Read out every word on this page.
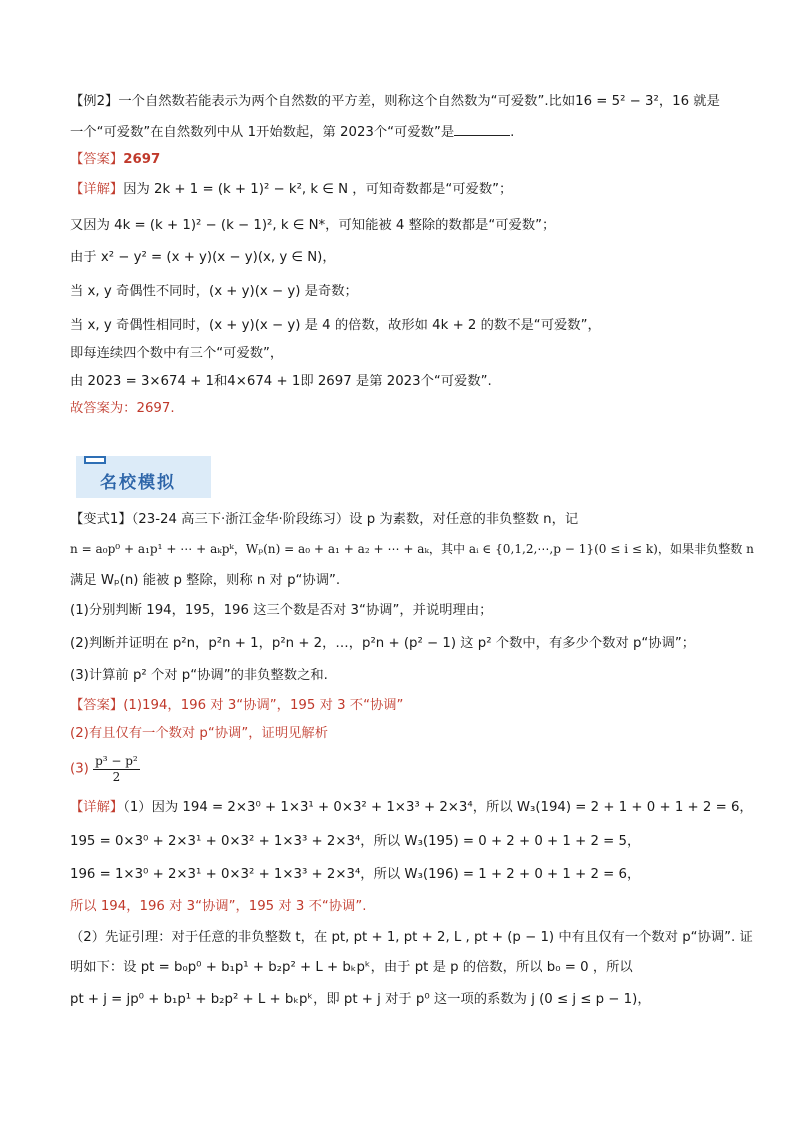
【例2】一个自然数若能表示为两个自然数的平方差，则称这个自然数为“可爱数”.比如16 = 5² − 3²，16 就是
一个“可爱数”在自然数列中从 1开始数起，第 2023个“可爱数”是	.
【答案】2697
【详解】因为 2k + 1 = (k + 1)² − k², k ∈ N ，可知奇数都是“可爱数”；
又因为 4k = (k + 1)² − (k − 1)², k ∈ N*，可知能被 4 整除的数都是“可爱数”；
由于 x² − y² = (x + y)(x − y)(x, y ∈ N)，
当 x, y 奇偶性不同时，(x + y)(x − y) 是奇数；
当 x, y 奇偶性相同时，(x + y)(x − y) 是 4 的倍数，故形如 4k + 2 的数不是“可爱数”，
即每连续四个数中有三个“可爱数”，
由 2023 = 3×674 + 1和4×674 + 1即 2697 是第 2023个“可爱数”.
故答案为：2697.
名校模拟
【变式1】（23-24 高三下·浙江金华·阶段练习）设 p 为素数，对任意的非负整数 n，记
n = a₀p⁰ + a₁p¹ + ⋯ + aₖpᵏ，Wₚ(n) = a₀ + a₁ + a₂ + ⋯ + aₖ，其中 aᵢ ∈ {0,1,2,⋯,p − 1}(0 ≤ i ≤ k)，如果非负整数 n
满足 Wₚ(n) 能被 p 整除，则称 n 对 p“协调”.
(1)分别判断 194，195，196 这三个数是否对 3“协调”，并说明理由；
(2)判断并证明在 p²n，p²n + 1，p²n + 2，…，p²n + (p² − 1) 这 p² 个数中，有多少个数对 p“协调”；
(3)计算前 p² 个对 p“协调”的非负整数之和.
【答案】(1)194，196 对 3“协调”，195 对 3 不“协调”
(2)有且仅有一个数对 p“协调”，证明见解析
$(3) \frac{\text{p³ − p²}}{2}$
【详解】（1）因为 194 = 2×3⁰ + 1×3¹ + 0×3² + 1×3³ + 2×3⁴，所以 W₃(194) = 2 + 1 + 0 + 1 + 2 = 6，
195 = 0×3⁰ + 2×3¹ + 0×3² + 1×3³ + 2×3⁴，所以 W₃(195) = 0 + 2 + 0 + 1 + 2 = 5，
196 = 1×3⁰ + 2×3¹ + 0×3² + 1×3³ + 2×3⁴，所以 W₃(196) = 1 + 2 + 0 + 1 + 2 = 6，
所以 194，196 对 3“协调”，195 对 3 不“协调”.
（2）先证引理：对于任意的非负整数 t，在 pt, pt + 1, pt + 2, L , pt + (p − 1) 中有且仅有一个数对 p“协调”. 证
明如下：设 pt = b₀p⁰ + b₁p¹ + b₂p² + L + bₖpᵏ，由于 pt 是 p 的倍数，所以 b₀ = 0 ，所以
pt + j = jp⁰ + b₁p¹ + b₂p² + L + bₖpᵏ，即 pt + j 对于 p⁰ 这一项的系数为 j (0 ≤ j ≤ p − 1)，
